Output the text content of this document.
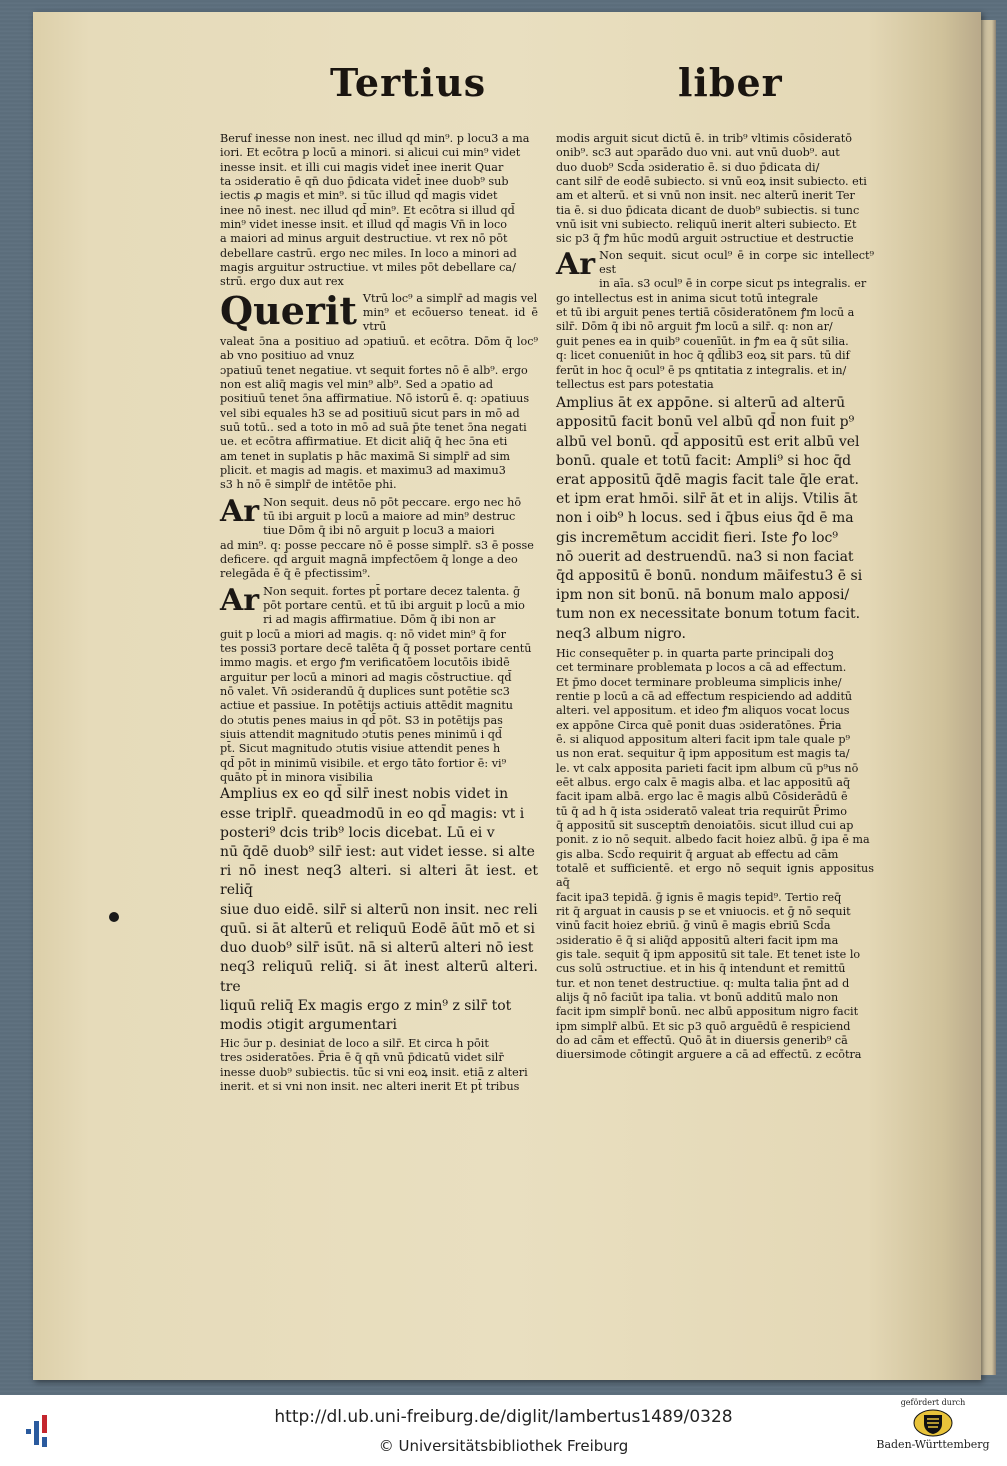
Tertius	liber

Beruf inesse non inest. nec illud qd min⁹. p locu3 a ma

iori. Et ecōtra p locū a minori. si alicui cui min⁹ videt

inesse insit. et illi cui magis videt̄ inee inerit Quar

ta ɔsideratio ē qn̄ duo p̄dicata videt̄ inee duob⁹ sub

iectis ꝓ magis et min⁹. si tūc illud qd̄ magis videt

inee nō inest. nec illud qd̄ min⁹. Et ecōtra si illud qd̄

min⁹ videt inesse insit. et illud qd̄ magis Vn̄ in loco

a maiori ad minus arguit destructiue. vt rex nō pōt

debellare castrū. ergo nec miles. In loco a minori ad

magis arguitur ɔstructiue. vt miles pōt debellare ca/

strū. ergo dux aut rex

Querit Vtrū loc⁹ a simplr̄ ad magis vel

min⁹ et ecōuerso teneat. id ē vtrū

valeat ɔ̄na a positiuo ad ɔpatiuū. et ecōtra. Dōm q̄ loc⁹ ab vno positiuo ad vnuz

ɔpatiuū tenet negatiue. vt sequit fortes nō ē alb⁹. ergo

non est aliq̄ magis vel min⁹ alb⁹. Sed a ɔpatio ad

positiuū tenet ɔ̄na affirmatiue. Nō istorū ē. q: ɔpatiuus

vel sibi equales h3 se ad positiuū sicut pars in mō ad

suū totū.. sed a toto in mō ad suā p̄te tenet ɔ̄na negati

ue. et ecōtra affirmatiue. Et dicit aliq̄ q̄ hec ɔ̄na eti

am tenet in suplatis p hāc maximā Si simplr̄ ad sim

plicit. et magis ad magis. et maximu3 ad maximu3

s3 h nō ē simplr̄ de intētōe phi.

Ar Non sequit. deus nō pōt peccare. ergo nec hō

tū ibi arguit p locū a maiore ad min⁹ destruc

tiue Dōm q̄ ibi nō arguit p locu3 a maiori

ad min⁹. q: posse peccare nō ē posse simplr̄. s3 ē posse

deficere. qd̄ arguit magnā impfectōem q̄ longe a deo

relegāda ē q̄ ē pfectissim⁹.

Ar Non sequit. fortes pt̄ portare decez talenta. ḡ

pōt portare centū. et tū ibi arguit p locū a mio

ri ad magis affirmatiue. Dōm q̄ ibi non ar

guit p locū a miori ad magis. q: nō videt min⁹ q̄ for

tes possi3 portare decē talēta q̄ q̄ posset portare centū

immo magis. et ergo ꝭm verificatōem locutōis ibidē

arguitur per locū a minori ad magis cōstructiue. qd̄

nō valet. Vn̄ ɔsiderandū q̄ duplices sunt potētie sc3

actiue et passiue. In potētijs actiuis attēdit magnitu

do ɔtutis penes maius in qd̄ pōt. S3 in potētijs pas

siuis attendit magnitudo ɔtutis penes minimū i qd̄

pt̄. Sicut magnitudo ɔtutis visiue attendit penes h

qd̄ pōt in minimū visibile. et ergo tāto fortior ē: vi⁹

quāto pt̄ in minora visibilia

Amplius ex eo qd̄ silr̄ inest nobis videt in

esse triplr̄. queadmodū in eo qd̄ magis: vt i

posteri⁹ dcis trib⁹ locis dicebat. Lū ei v

nū q̄dē duob⁹ silr̄ iest: aut videt iesse. si alte

ri nō inest neq3 alteri. si alteri āt iest. et reliq̄

siue duo eidē. silr̄ si alterū non insit. nec reli

quū. si āt alterū et reliquū Eodē āūt mō et si

duo duob⁹ silr̄ isūt. nā si alterū alteri nō iest

neq3 reliquū reliq̄. si āt inest alterū alteri. tre

liquū reliq̄ Ex magis ergo z min⁹ z silr̄ tot

modis ɔtigit argumentari

Hic ɔ̄ur p. desiniat de loco a silr̄. Et circa h pōit

tres ɔsideratōes. P̄ria ē q̄ qn̄ vnū p̄dicatū videt silr̄

inesse duob⁹ subiectis. tūc si vni eoꝝ insit. etiā z alteri

inerit. et si vni non insit. nec alteri inerit Et pt̄ tribus

modis arguit sicut dictū ē. in trib⁹ vltimis cōsideratō

onib⁹. sc3 aut ɔparādo duo vni. aut vnū duob⁹. aut

duo duob⁹ Scd̄a ɔsideratio ē. si duo p̄dicata di/

cant silr̄ de eodē subiecto. si vnū eoꝝ insit subiecto. eti

am et alterū. et si vnū non insit. nec alterū inerit Ter

tia ē. si duo p̄dicata dicant de duob⁹ subiectis. si tunc

vnū isit vni subiecto. reliquū inerit alteri subiecto. Et

sic p3 q̄ ꝭm hūc modū arguit ɔstructiue et destructie

Ar Non sequit. sicut ocul⁹ ē in corpe sic intellect⁹ est

in aīa. s3 ocul⁹ ē in corpe sicut ps integralis. er

go intellectus est in anima sicut totū integrale

et tū ibi arguit penes tertiā cōsideratōnem ꝭm locū a

silr̄. Dōm q̄ ibi nō arguit ꝭm locū a silr̄. q: non ar/

guit penes ea in quib⁹ couenīūt. in ꝭm ea q̄ sūt silia.

q: licet conueniūt in hoc q̄ qd̄lib3 eoꝝ sit pars. tū dif

ferūt in hoc q̄ ocul⁹ ē ps qntitatia z integralis. et in/

tellectus est pars potestatia

Amplius āt ex appōne. si alterū ad alterū

appositū facit bonū vel albū qd̄ non fuit p⁹

albū vel bonū. qd̄ appositū est erit albū vel

bonū. quale et totū facit: Ampli⁹ si hoc q̄d

erat appositū q̄dē magis facit tale q̄le erat.

et ipm erat hmōi. silr̄ āt et in alijs. Vtilis āt

non i oib⁹ h locus. sed i q̄bus eius q̄d ē ma

gis incremētum accidit fieri. Iste ꝭo loc⁹

nō ɔuerit ad destruendū. na3 si non faciat

q̄d appositū ē bonū. nondum māifestu3 ē si

ipm non sit bonū. nā bonum malo apposi/

tum non ex necessitate bonum totum facit.

neq3 album nigro.

Hic consequēter p. in quarta parte principali doꝫ

cet terminare problemata p locos a cā ad effectum.

Et p̄mo docet terminare probleuma simplicis inhe/

rentie p locū a cā ad effectum respiciendo ad additū

alteri. vel appositum. et ideo ꝭm aliquos vocat locus

ex appōne Circa quē ponit duas ɔsideratōnes. P̄ria

ē. si aliquod appositum alteri facit ipm tale quale p⁹

us non erat. sequitur q̄ ipm appositum est magis ta/

le. vt calx apposita parieti facit ipm album cū p⁹us nō

eēt albus. ergo calx ē magis alba. et lac appositū aq̄

facit ipam albā. ergo lac ē magis albū Cōsiderādū ē

tū q̄ ad h q̄ ista ɔsideratō valeat tria requirūt P̄rimo

q̄ appositū sit susceptm̄ denoiatōis. sicut illud cui ap

ponit. z io nō sequit. albedo facit hoiez albū. ḡ ipa ē ma

gis alba. Scd̄o requirit q̄ arguat ab effectu ad cām

totalē et sufficientē. et ergo nō sequit ignis appositus aq̄

facit ipa3 tepidā. ḡ ignis ē magis tepid⁹. Tertio req̄

rit q̄ arguat in causis p se et vniuocis. et ḡ nō sequit

vinū facit hoiez ebriū. ḡ vinū ē magis ebriū Scd̄a

ɔsideratio ē q̄ si aliq̄d appositū alteri facit ipm ma

gis tale. sequit q̄ ipm appositū sit tale. Et tenet iste lo

cus solū ɔstructiue. et in his q̄ intendunt et remittū

tur. et non tenet destructiue. q: multa talia p̄nt ad d

alijs q̄ nō faciūt ipa talia. vt bonū additū malo non

facit ipm simplr̄ bonū. nec albū appositum nigro facit

ipm simplr̄ albū. Et sic p3 quō arguēdū ē respiciend

do ad cām et effectū. Quō āt in diuersis generib⁹ cā

diuersimode cōtingit arguere a cā ad effectū. z ecōtra

http://dl.ub.uni-freiburg.de/diglit/lambertus1489/0328
© Universitätsbibliothek Freiburg
gefördert durch
Baden-Württemberg
